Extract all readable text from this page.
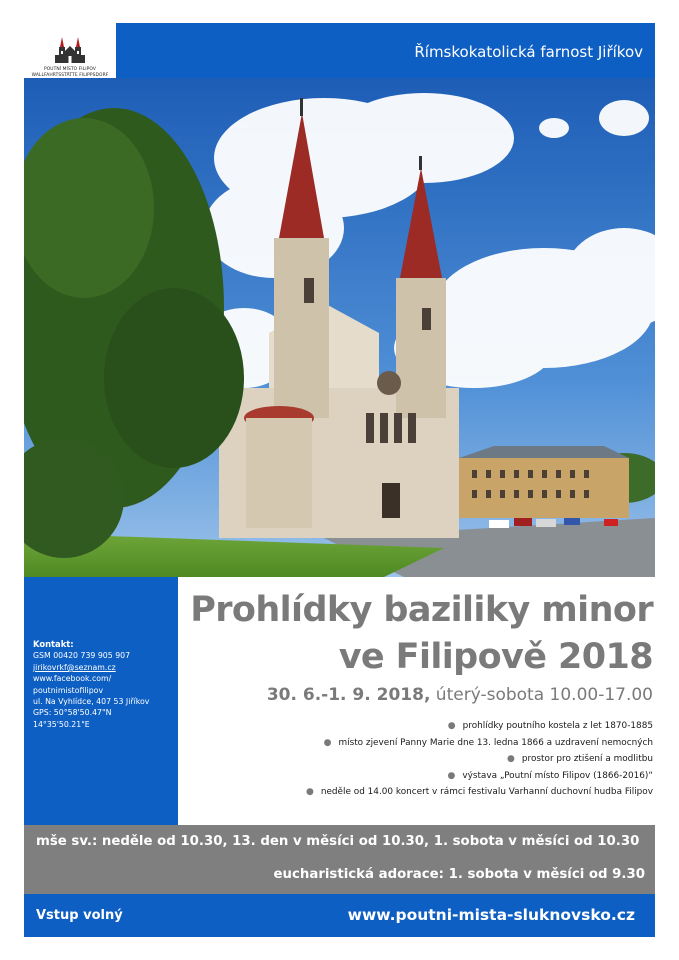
POUTNÍ MÍSTO FILIPOV
WALLFAHRTSSTÄTTE FILIPPSDORF
Římskokatolická farnost Jiříkov
Kontakt:
GSM 00420 739 905 907
jirikovrkf@seznam.cz
www.facebook.com/
poutnimistofilipov
ul. Na Vyhlídce, 407 53 Jiříkov
GPS: 50°58'50.47"N
14°35'50.21"E
Prohlídky baziliky minor
ve Filipově 2018
30. 6.-1. 9. 2018, úterý-sobota 10.00-17.00
● prohlídky poutního kostela z let 1870-1885
● místo zjevení Panny Marie dne 13. ledna 1866 a uzdravení nemocných
● prostor pro ztišení a modlitbu
● výstava „Poutní místo Filipov (1866-2016)“
● neděle od 14.00 koncert v rámci festivalu Varhanní duchovní hudba Filipov
mše sv.: neděle od 10.30, 13. den v měsíci od 10.30, 1. sobota v měsíci od 10.30
eucharistická adorace: 1. sobota v měsíci od 9.30
Vstup volný	www.poutni-mista-sluknovsko.cz
